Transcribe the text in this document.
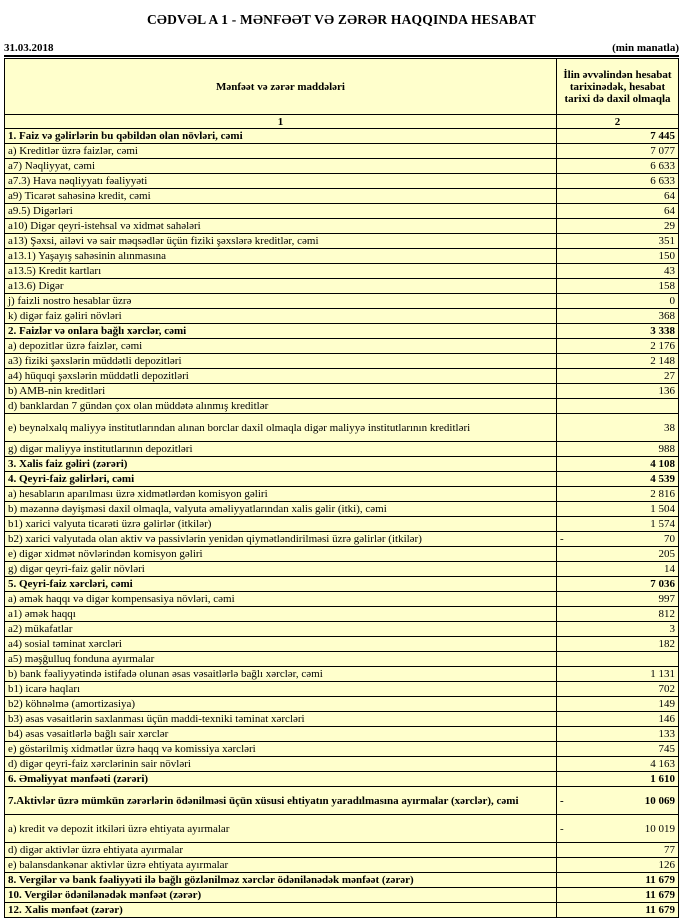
CƏDVƏL A 1 - MƏNFƏƏT VƏ ZƏRƏR HAQQINDA HESABAT
31.03.2018	(min manatla)
Mənfəət və zərər maddələri	İlin əvvəlindən hesabat tarixinədək, hesabat tarixi də daxil olmaqla
1	2
1. Faiz və gəlirlərin bu qəbildən olan növləri, cəmi	7 445

a) Kreditlər üzrə faizlər, cəmi	7 077

a7) Nəqliyyat, cəmi	6 633

a7.3) Hava nəqliyyatı fəaliyyəti	6 633

a9) Ticarət sahəsinə kredit, cəmi	64

a9.5) Digərləri	64

a10) Digər qeyri-istehsal və xidmət sahələri	29

a13) Şəxsi, ailəvi və sair məqsədlər üçün fiziki şəxslərə kreditlər, cəmi	351

a13.1) Yaşayış sahəsinin alınmasına	150

a13.5) Kredit kartları	43

a13.6) Digər	158

j) faizli nostro hesablar üzrə	0

k) digər faiz gəliri növləri	368

2. Faizlər və onlara bağlı xərclər, cəmi	3 338

a) depozitlər üzrə faizlər, cəmi	2 176

a3) fiziki şəxslərin müddətli depozitləri	2 148

a4) hüquqi şəxslərin müddətli depozitləri	27

b) AMB-nin kreditləri	136

d) banklardan 7 gündən çox olan müddətə alınmış kreditlər	

e) beynəlxalq maliyyə institutlarından alınan borclar daxil olmaqla digər maliyyə institutlarının kreditləri	38

g) digər maliyyə institutlarının depozitləri	988

3. Xalis faiz gəliri (zərəri)	4 108

4. Qeyri-faiz gəlirləri, cəmi	4 539

a) hesabların aparılması üzrə xidmətlərdən komisyon gəliri	2 816

b) məzənnə dəyişməsi daxil olmaqla, valyuta əməliyyatlarından xalis gəlir (itki), cəmi	1 504

b1) xarici valyuta ticarəti üzrə gəlirlər (itkilər)	1 574

b2) xarici valyutada olan aktiv və passivlərin yenidən qiymətləndirilməsi üzrə gəlirlər (itkilər)	- 70

e) digər xidmət növlərindən komisyon gəliri	205

g) digər qeyri-faiz gəlir növləri	14

5. Qeyri-faiz xərcləri, cəmi	7 036

a) əmək haqqı və digər kompensasiya növləri, cəmi	997

a1) əmək haqqı	812

a2) mükafatlar	3

a4) sosial təminat xərcləri	182

a5) məşğulluq fonduna ayırmalar	

b) bank fəaliyyətində istifadə olunan əsas vəsaitlərlə bağlı xərclər, cəmi	1 131

b1) icarə haqları	702

b2) köhnəlmə (amortizasiya)	149

b3) əsas vəsaitlərin saxlanması üçün maddi-texniki təminat xərcləri	146

b4) əsas vəsaitlərlə bağlı sair xərclər	133

e) göstərilmiş xidmətlər üzrə haqq və komissiya xərcləri	745

d) digər qeyri-faiz xərclərinin sair növləri	4 163

6. Əməliyyat mənfəəti (zərəri)	1 610

7.Aktivlər üzrə mümkün zərərlərin ödənilməsi üçün xüsusi ehtiyatın yaradılmasına ayırmalar (xərclər), cəmi	- 10 069

a) kredit və depozit itkiləri üzrə ehtiyata ayırmalar	- 10 019

d) digər aktivlər üzrə ehtiyata ayırmalar	77

e) balansdankənar aktivlər üzrə ehtiyata ayırmalar	126

8. Vergilər və bank fəaliyyəti ilə bağlı gözlənilməz xərclər ödənilənədək mənfəət (zərər)	11 679

10. Vergilər ödənilənədək mənfəət (zərər)	11 679

12. Xalis mənfəət (zərər)	11 679
